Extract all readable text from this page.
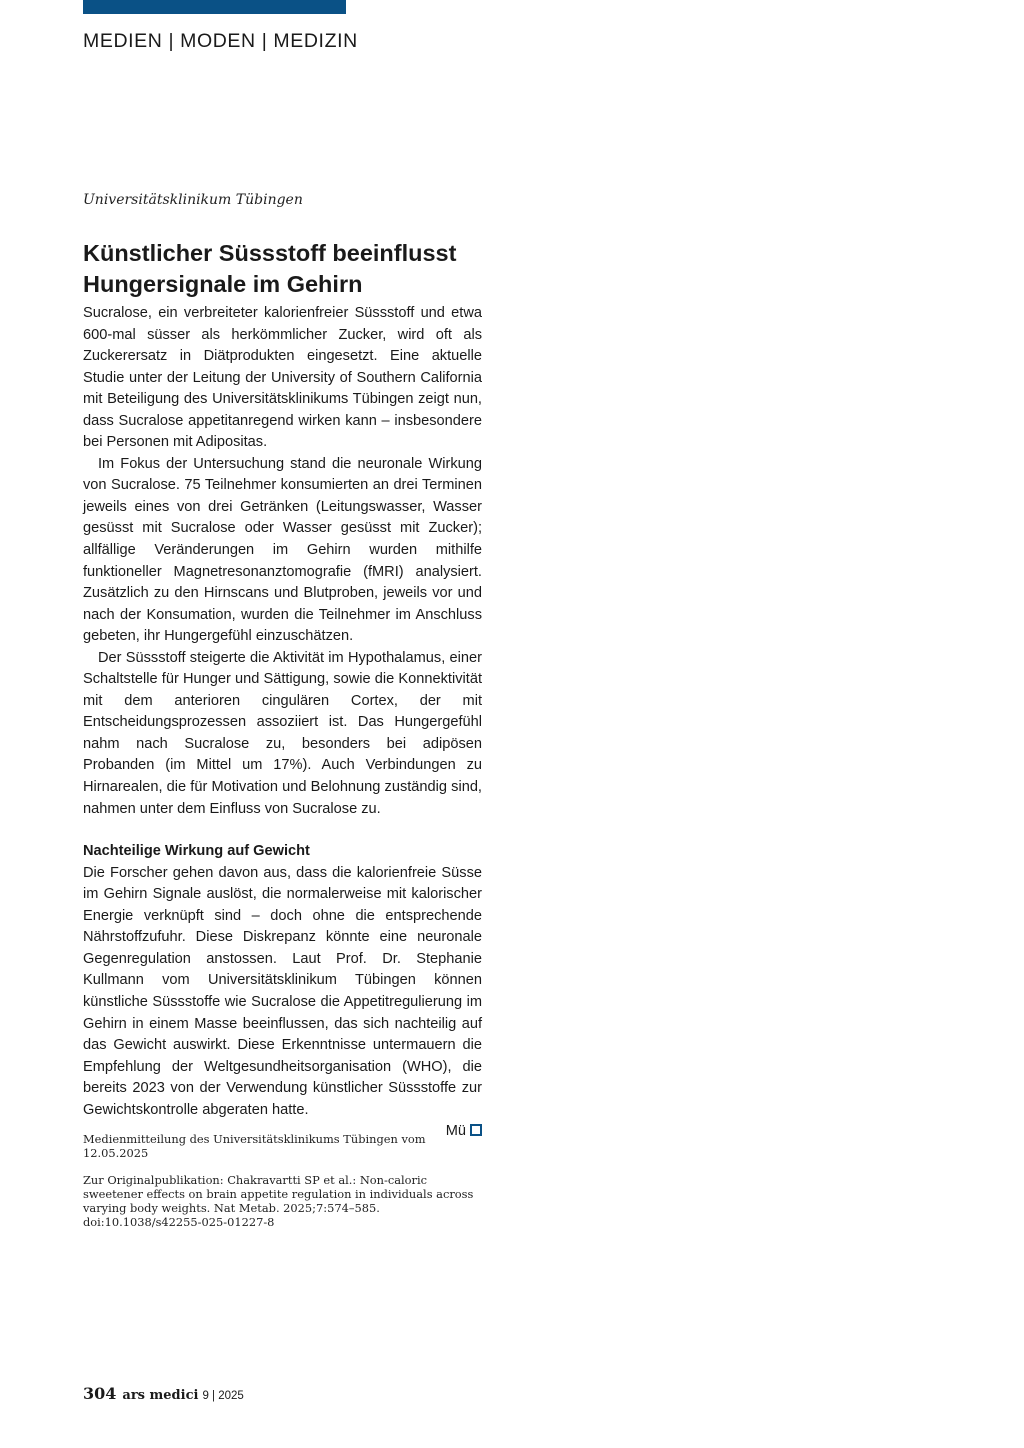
MEDIEN | MODEN | MEDIZIN
Universitätsklinikum Tübingen
Künstlicher Süssstoff beeinflusst Hungersignale im Gehirn

Sucralose, ein verbreiteter kalorienfreier Süssstoff und etwa 600-mal süsser als herkömmlicher Zucker, wird oft als Zuckerersatz in Diätprodukten eingesetzt. Eine aktuelle Studie unter der Leitung der University of Southern California mit Beteiligung des Universitätsklinikums Tübingen zeigt nun, dass Sucralose appetitanregend wirken kann – insbesondere bei Personen mit Adipositas.

Im Fokus der Untersuchung stand die neuronale Wirkung von Sucralose. 75 Teilnehmer konsumierten an drei Terminen jeweils eines von drei Getränken (Leitungswasser, Wasser gesüsst mit Sucralose oder Wasser gesüsst mit Zucker); allfällige Veränderungen im Gehirn wurden mithilfe funktioneller Magnetresonanztomografie (fMRI) analysiert. Zusätzlich zu den Hirnscans und Blutproben, jeweils vor und nach der Konsumation, wurden die Teilnehmer im Anschluss gebeten, ihr Hungergefühl einzuschätzen.

Der Süssstoff steigerte die Aktivität im Hypothalamus, einer Schaltstelle für Hunger und Sättigung, sowie die Konnektivität mit dem anterioren cingulären Cortex, der mit Entscheidungsprozessen assoziiert ist. Das Hungergefühl nahm nach Sucralose zu, besonders bei adipösen Probanden (im Mittel um 17%). Auch Verbindungen zu Hirnarealen, die für Motivation und Belohnung zuständig sind, nahmen unter dem Einfluss von Sucralose zu.

Nachteilige Wirkung auf Gewicht

Die Forscher gehen davon aus, dass die kalorienfreie Süsse im Gehirn Signale auslöst, die normalerweise mit kalorischer Energie verknüpft sind – doch ohne die entsprechende Nährstoffzufuhr. Diese Diskrepanz könnte eine neuronale Gegenregulation anstossen. Laut Prof. Dr. Stephanie Kullmann vom Universitätsklinikum Tübingen können künstliche Süssstoffe wie Sucralose die Appetitregulierung im Gehirn in einem Masse beeinflussen, das sich nachteilig auf das Gewicht auswirkt. Diese Erkenntnisse untermauern die Empfehlung der Weltgesundheitsorganisation (WHO), die bereits 2023 von der Verwendung künstlicher Süssstoffe zur Gewichtskontrolle abgeraten hatte.

Mü

Medienmitteilung des Universitätsklinikums Tübingen vom 12.05.2025

Zur Originalpublikation: Chakravartti SP et al.: Non-caloric sweetener effects on brain appetite regulation in individuals across varying body weights. Nat Metab. 2025;7:574–585. doi:10.1038/s42255-025-01227-8

304 ars medici 9 | 2025
